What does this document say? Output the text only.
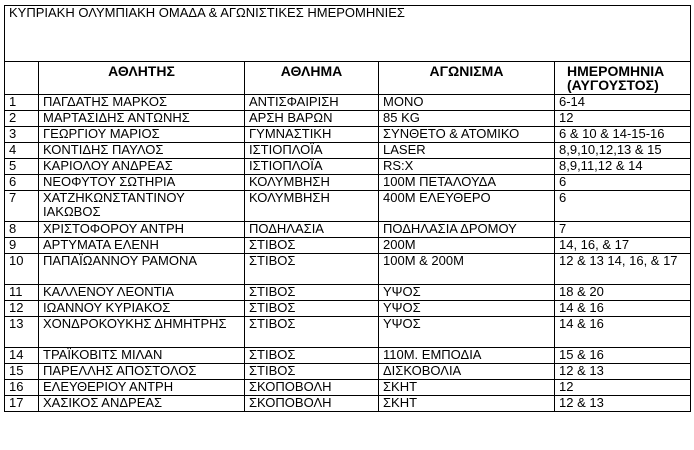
ΚΥΠΡΙΑΚΗ ΟΛΥΜΠΙΑΚΗ ΟΜΑΔΑ & ΑΓΩΝΙΣΤΙΚΕΣ ΗΜΕΡΟΜΗΝΙΕΣ				
	ΑΘΛΗΤΗΣ	ΑΘΛΗΜΑ	ΑΓΩΝΙΣΜΑ	ΗΜΕΡΟΜΗΝΙΑ (ΑΥΓΟΥΣΤΟΣ)
1	ΠΑΓΔΑΤΗΣ ΜΑΡΚΟΣ	ΑΝΤΙΣΦΑΙΡΙΣΗ	ΜΟΝΟ	6-14
2	ΜΑΡΤΑΣΙΔΗΣ ΑΝΤΩΝΗΣ	ΑΡΣΗ ΒΑΡΩΝ	85 KG	12
3	ΓΕΩΡΓΙΟΥ ΜΑΡΙΟΣ	ΓΥΜΝΑΣΤΙΚΗ	ΣΥΝΘΕΤΟ & ΑΤΟΜΙΚΟ	6 & 10 & 14-15-16
4	ΚΟΝΤΙΔΗΣ ΠΑΥΛΟΣ	ΙΣΤΙΟΠΛΟΪΑ	LASER	8,9,10,12,13 & 15
5	ΚΑΡΙΟΛΟΥ ΑΝΔΡΕΑΣ	ΙΣΤΙΟΠΛΟΪΑ	RS:X	8,9,11,12 & 14
6	ΝΕΟΦΥΤΟΥ ΣΩΤΗΡΙΑ	ΚΟΛΥΜΒΗΣΗ	100Μ ΠΕΤΑΛΟΥΔΑ	6
7	ΧΑΤΖΗΚΩΝΣΤΑΝΤΙΝΟΥ ΙΑΚΩΒΟΣ	ΚΟΛΥΜΒΗΣΗ	400Μ ΕΛΕΥΘΕΡΟ	6
8	ΧΡΙΣΤΟΦΟΡΟΥ ΑΝΤΡΗ	ΠΟΔΗΛΑΣΙΑ	ΠΟΔΗΛΑΣΙΑ ΔΡΟΜΟΥ	7
9	ΑΡΤΥΜΑΤΑ ΕΛΕΝΗ	ΣΤΙΒΟΣ	200Μ	14, 16, & 17
10	ΠΑΠΑΪΩΑΝΝΟΥ ΡΑΜΟΝΑ	ΣΤΙΒΟΣ	100Μ & 200Μ	12 & 13 14, 16, & 17
11	ΚΑΛΛΕΝΟΥ ΛΕΟΝΤΙΑ	ΣΤΙΒΟΣ	ΥΨΟΣ	18 & 20
12	ΙΩΑΝΝΟΥ ΚΥΡΙΑΚΟΣ	ΣΤΙΒΟΣ	ΥΨΟΣ	14 & 16
13	ΧΟΝΔΡΟΚΟΥΚΗΣ ΔΗΜΗΤΡΗΣ	ΣΤΙΒΟΣ	ΥΨΟΣ	14 & 16
14	ΤΡΑΪΚΟΒΙΤΣ ΜΙΛΑΝ	ΣΤΙΒΟΣ	110Μ. ΕΜΠΟΔΙΑ	15 & 16
15	ΠΑΡΕΛΛΗΣ ΑΠΟΣΤΟΛΟΣ	ΣΤΙΒΟΣ	ΔΙΣΚΟΒΟΛΙΑ	12 & 13
16	ΕΛΕΥΘΕΡΙΟΥ ΑΝΤΡΗ	ΣΚΟΠΟΒΟΛΗ	ΣΚΗΤ	12
17	ΧΑΣΙΚΟΣ ΑΝΔΡΕΑΣ	ΣΚΟΠΟΒΟΛΗ	ΣΚΗΤ	12 & 13
